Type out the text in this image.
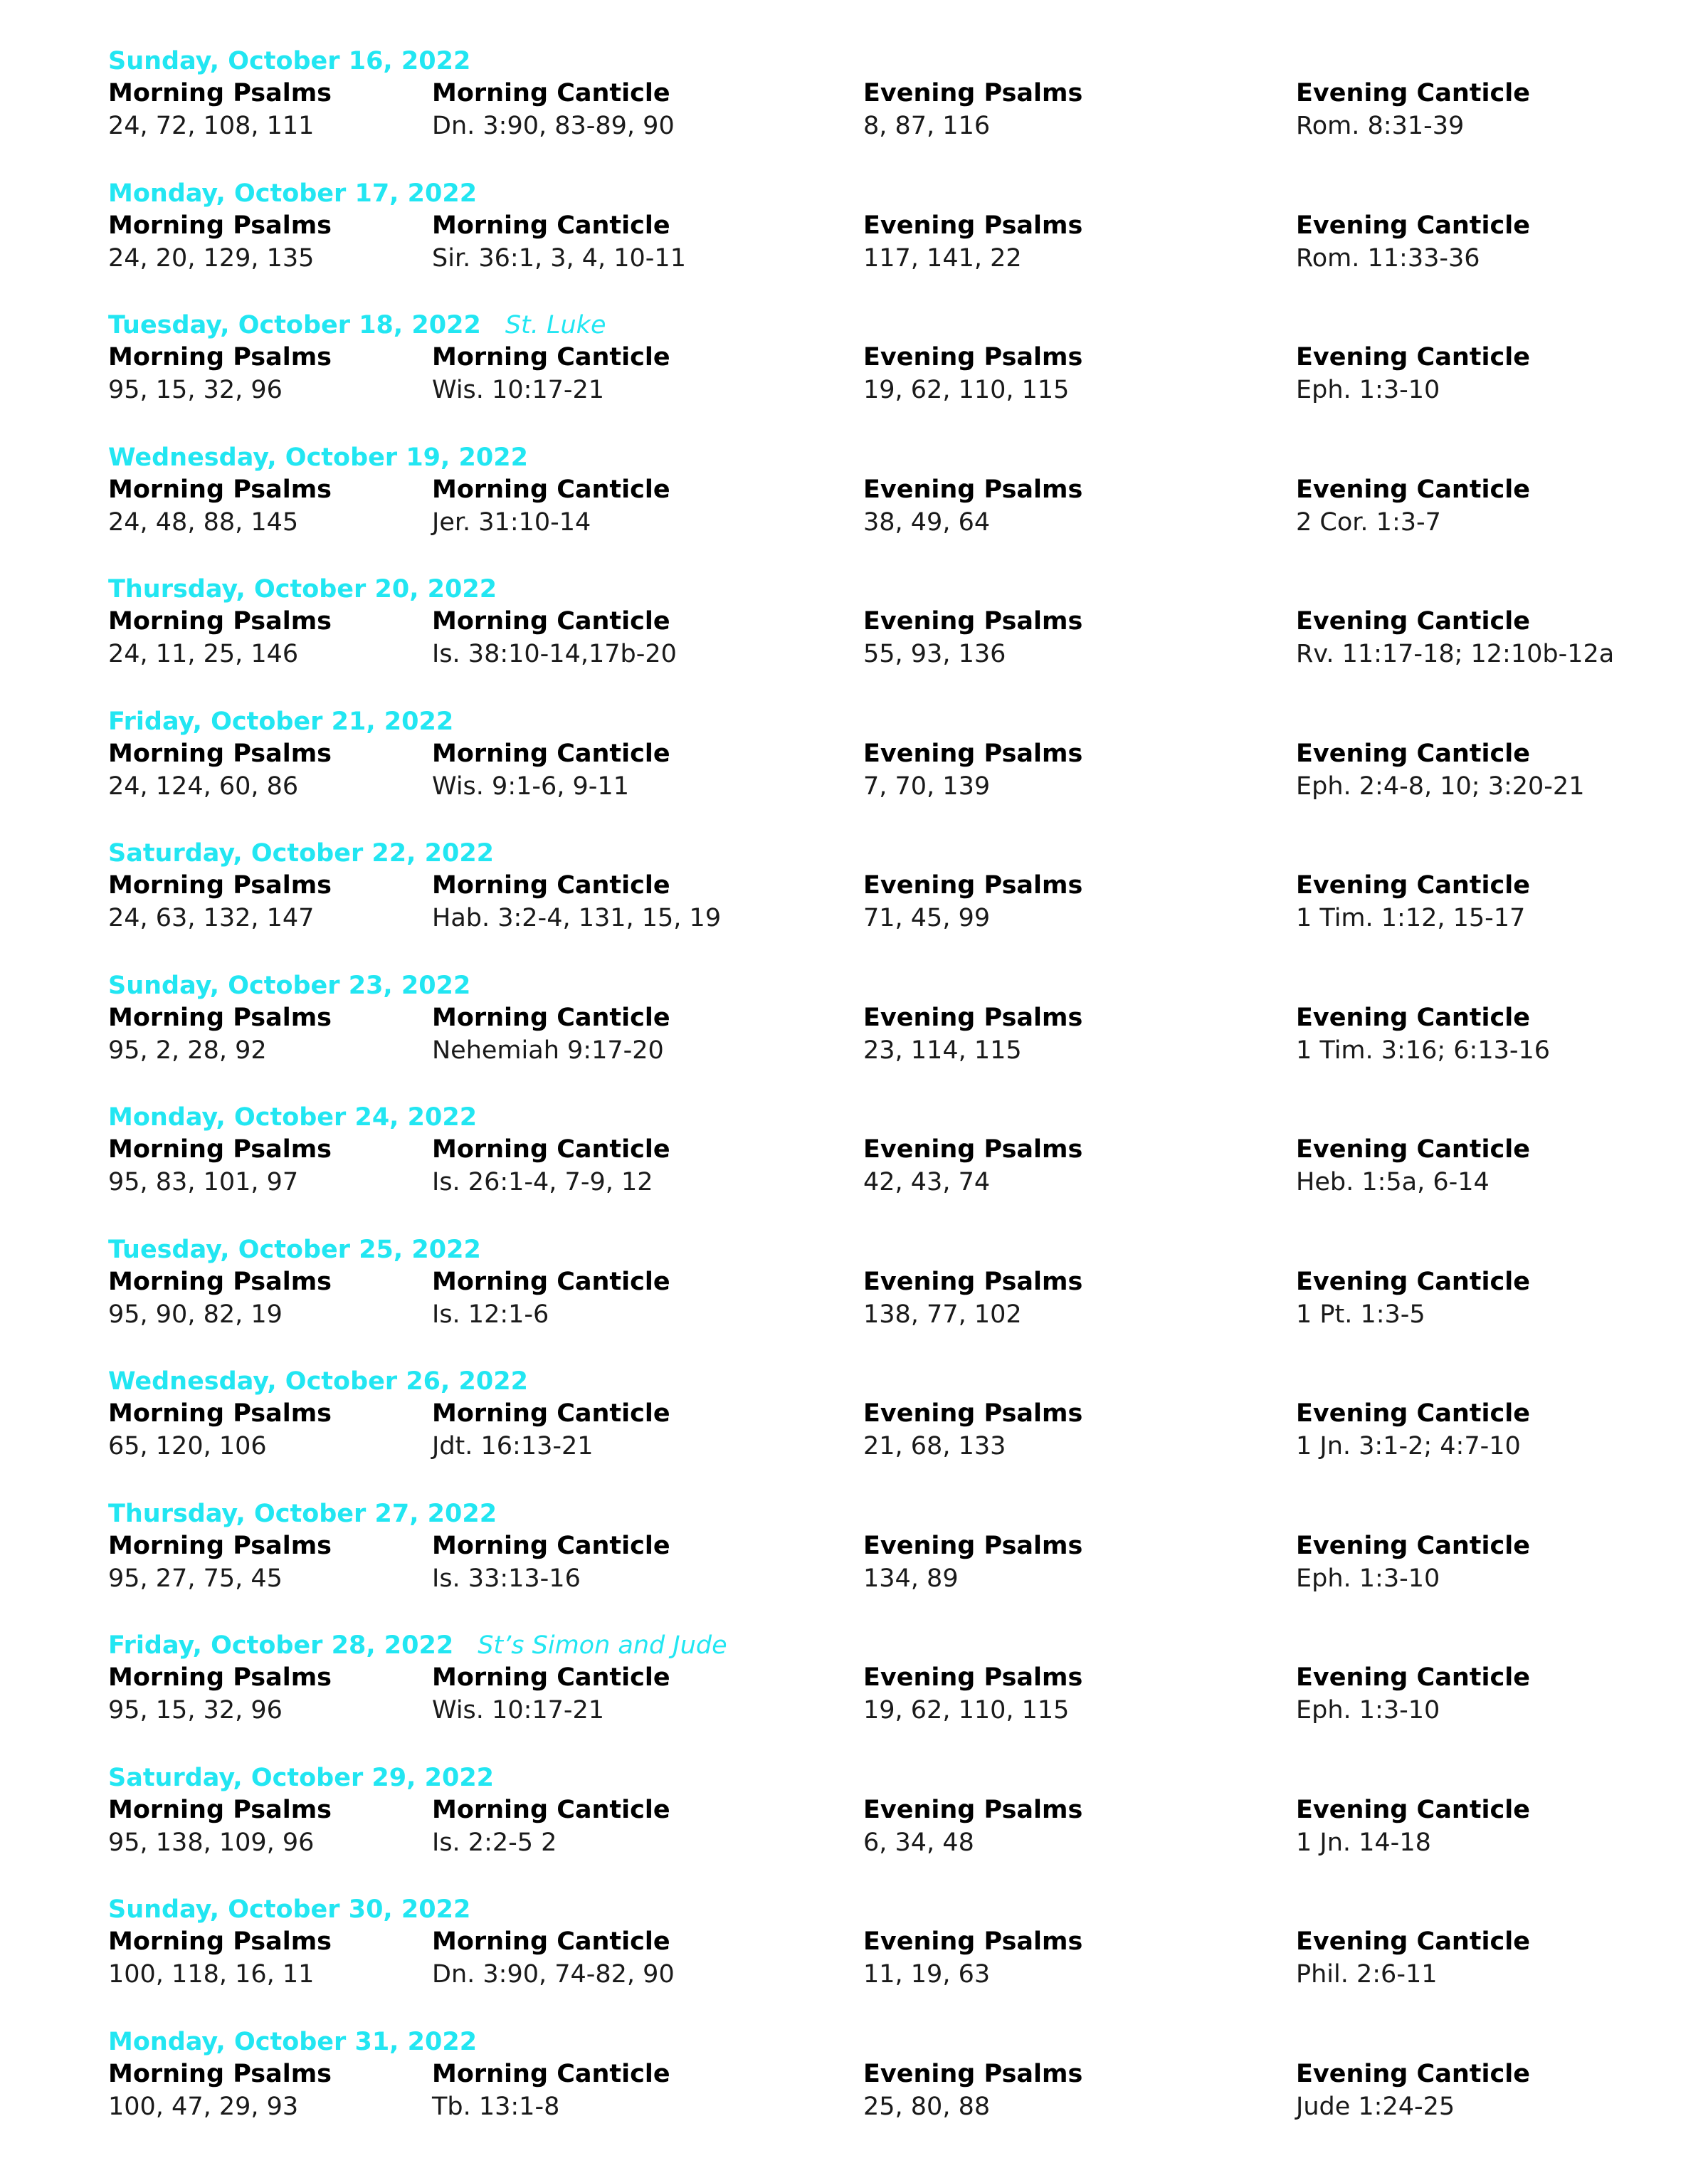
Sunday, October 16, 2022
Morning Psalms	Morning Canticle	Evening Psalms	Evening Canticle
24, 72, 108, 111	Dn. 3:90, 83-89, 90	8, 87, 116	Rom. 8:31-39
Monday, October 17, 2022
Morning Psalms	Morning Canticle	Evening Psalms	Evening Canticle
24, 20, 129, 135	Sir. 36:1, 3, 4, 10-11	117, 141, 22	Rom. 11:33-36
Tuesday, October 18, 2022 St. Luke
Morning Psalms	Morning Canticle	Evening Psalms	Evening Canticle
95, 15, 32, 96	Wis. 10:17-21	19, 62, 110, 115	Eph. 1:3-10
Wednesday, October 19, 2022
Morning Psalms	Morning Canticle	Evening Psalms	Evening Canticle
24, 48, 88, 145	Jer. 31:10-14	38, 49, 64	2 Cor. 1:3-7
Thursday, October 20, 2022
Morning Psalms	Morning Canticle	Evening Psalms	Evening Canticle
24, 11, 25, 146	Is. 38:10-14,17b-20	55, 93, 136	Rv. 11:17-18; 12:10b-12a
Friday, October 21, 2022
Morning Psalms	Morning Canticle	Evening Psalms	Evening Canticle
24, 124, 60, 86	Wis. 9:1-6, 9-11	7, 70, 139	Eph. 2:4-8, 10; 3:20-21
Saturday, October 22, 2022
Morning Psalms	Morning Canticle	Evening Psalms	Evening Canticle
24, 63, 132, 147	Hab. 3:2-4, 131, 15, 19	71, 45, 99	1 Tim. 1:12, 15-17
Sunday, October 23, 2022
Morning Psalms	Morning Canticle	Evening Psalms	Evening Canticle
95, 2, 28, 92	Nehemiah 9:17-20	23, 114, 115	1 Tim. 3:16; 6:13-16
Monday, October 24, 2022
Morning Psalms	Morning Canticle	Evening Psalms	Evening Canticle
95, 83, 101, 97	Is. 26:1-4, 7-9, 12	42, 43, 74	Heb. 1:5a, 6-14
Tuesday, October 25, 2022
Morning Psalms	Morning Canticle	Evening Psalms	Evening Canticle
95, 90, 82, 19	Is. 12:1-6	138, 77, 102	1 Pt. 1:3-5
Wednesday, October 26, 2022
Morning Psalms	Morning Canticle	Evening Psalms	Evening Canticle
65, 120, 106	Jdt. 16:13-21	21, 68, 133	1 Jn. 3:1-2; 4:7-10
Thursday, October 27, 2022
Morning Psalms	Morning Canticle	Evening Psalms	Evening Canticle
95, 27, 75, 45	Is. 33:13-16	134, 89	Eph. 1:3-10
Friday, October 28, 2022 St’s Simon and Jude
Morning Psalms	Morning Canticle	Evening Psalms	Evening Canticle
95, 15, 32, 96	Wis. 10:17-21	19, 62, 110, 115	Eph. 1:3-10
Saturday, October 29, 2022
Morning Psalms	Morning Canticle	Evening Psalms	Evening Canticle
95, 138, 109, 96	Is. 2:2-5 2	6, 34, 48	1 Jn. 14-18
Sunday, October 30, 2022
Morning Psalms	Morning Canticle	Evening Psalms	Evening Canticle
100, 118, 16, 11	Dn. 3:90, 74-82, 90	11, 19, 63	Phil. 2:6-11
Monday, October 31, 2022
Morning Psalms	Morning Canticle	Evening Psalms	Evening Canticle
100, 47, 29, 93	Tb. 13:1-8	25, 80, 88	Jude 1:24-25
